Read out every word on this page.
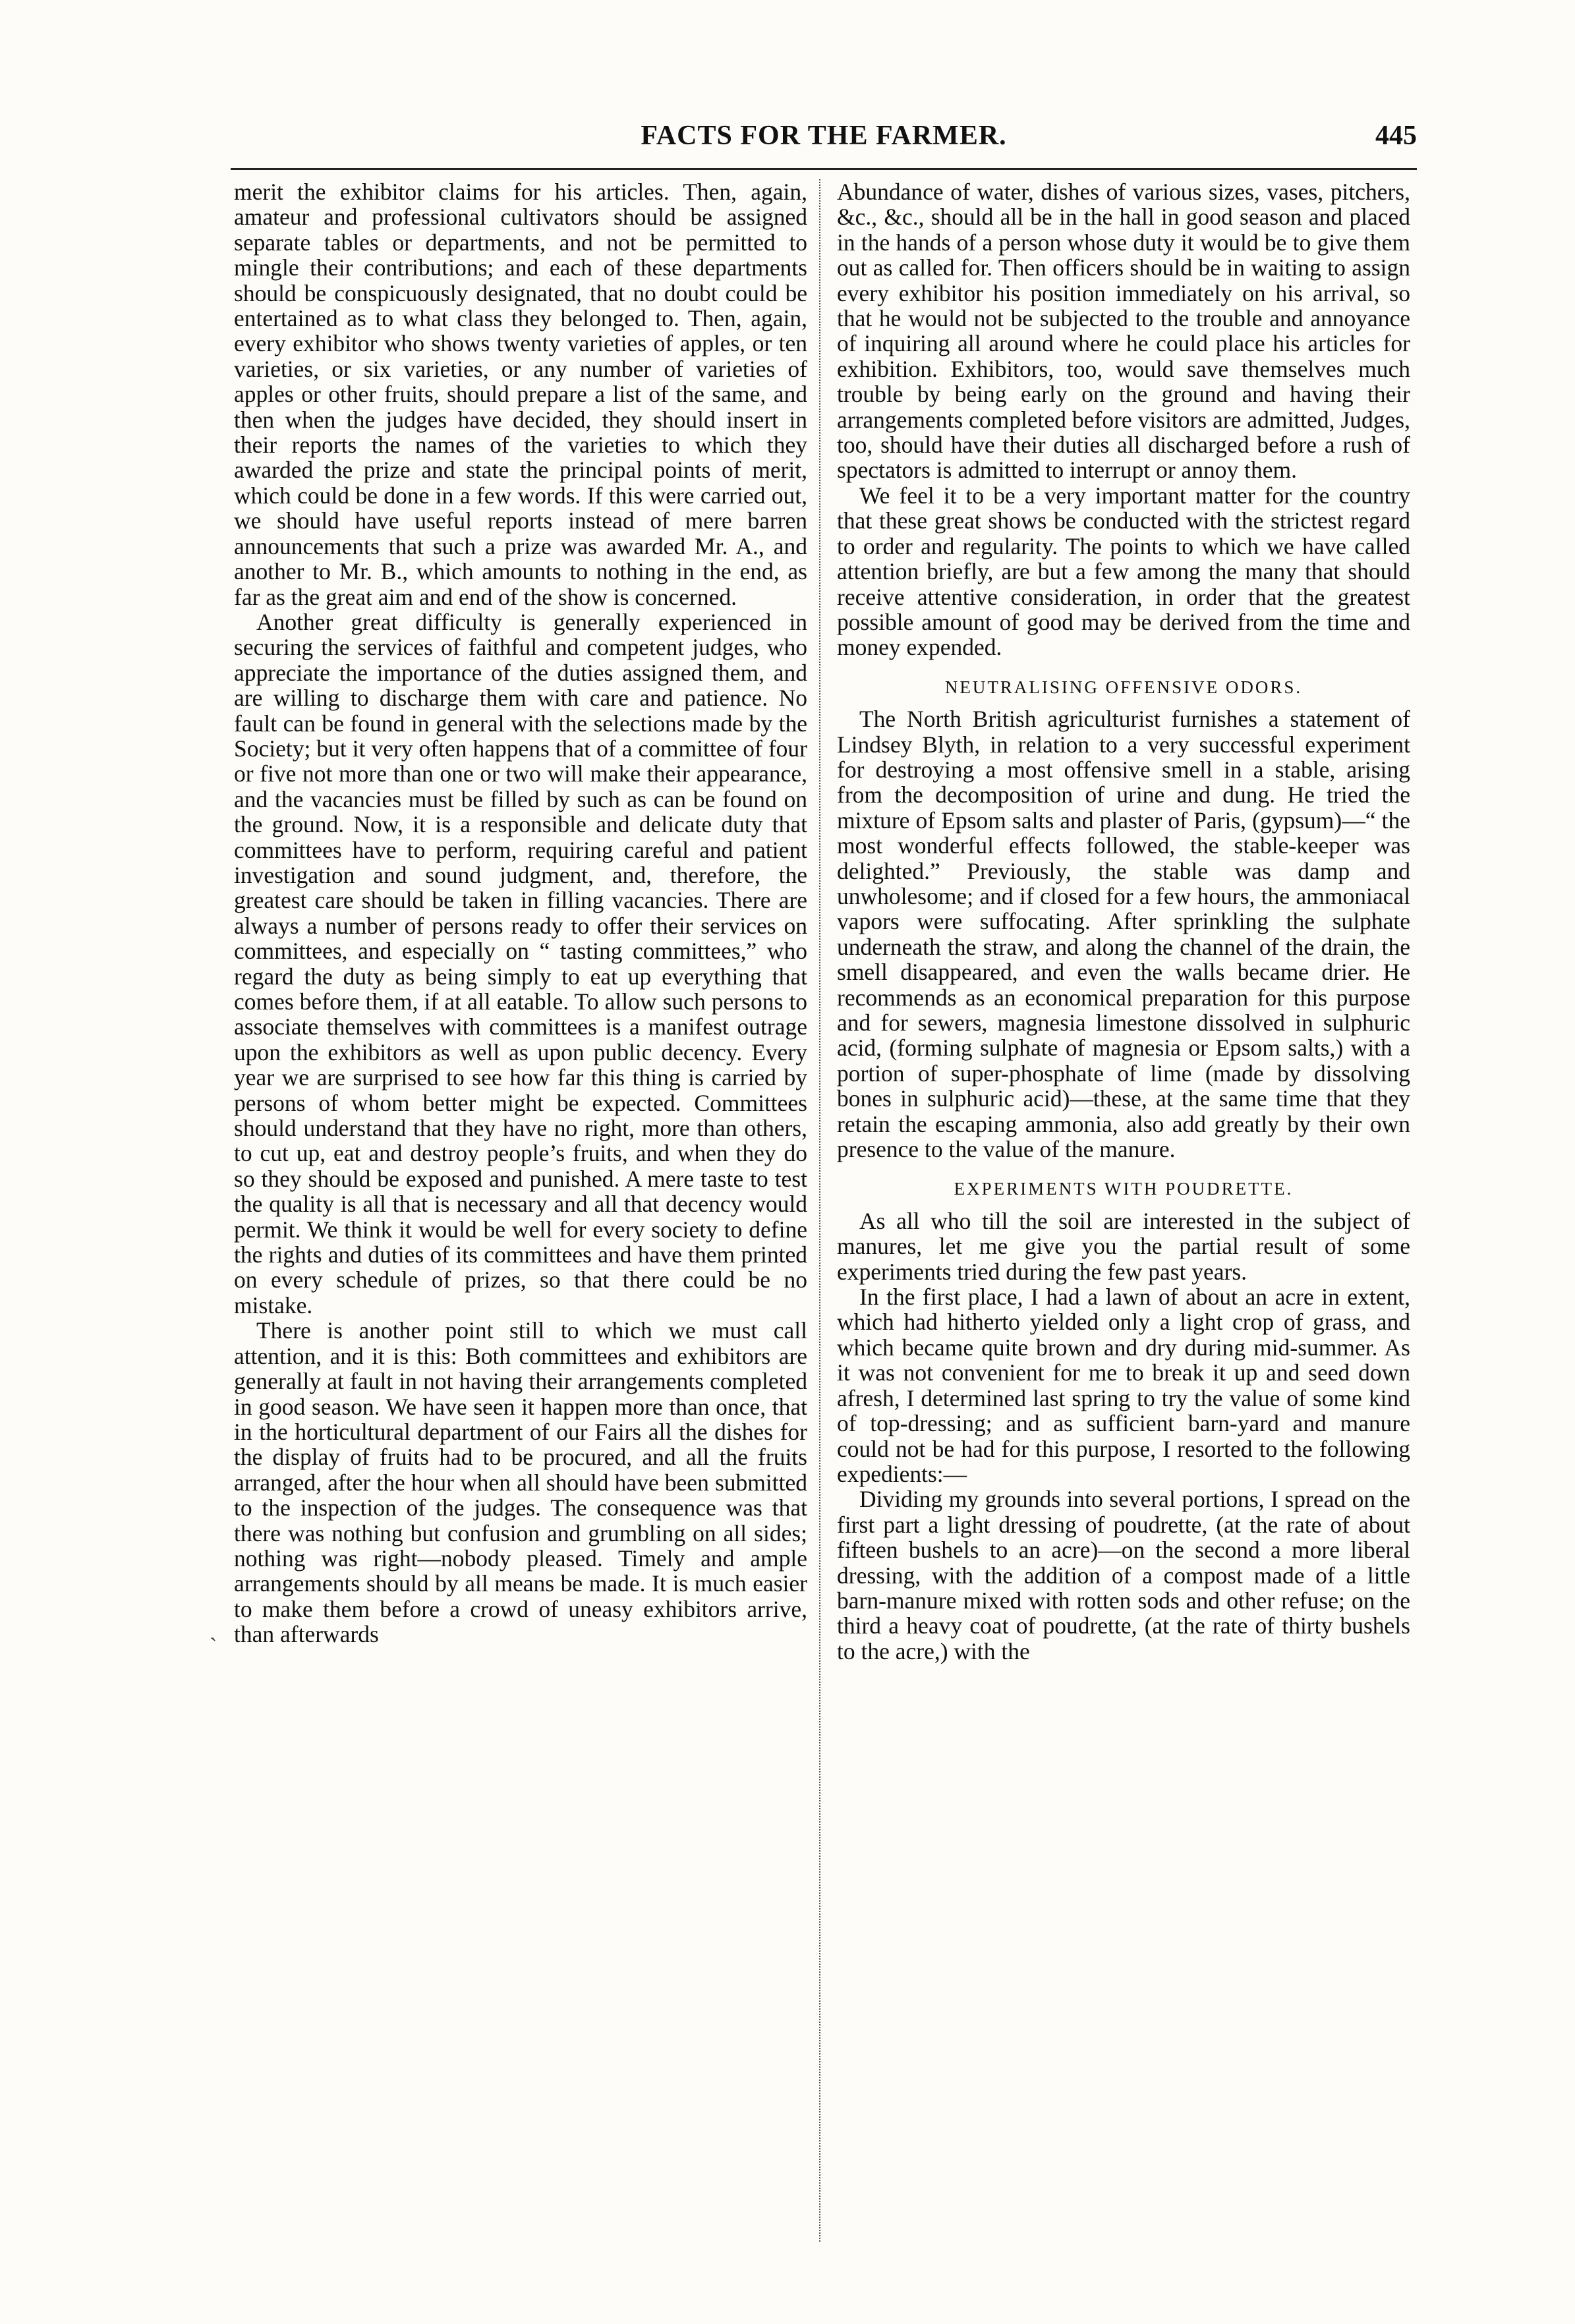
FACTS FOR THE FARMER.	445

merit the exhibitor claims for his articles. Then, again, amateur and professional cultivators should be assigned separate tables or departments, and not be permitted to mingle their contributions; and each of these departments should be conspicuously designated, that no doubt could be entertained as to what class they belonged to. Then, again, every exhibitor who shows twenty varieties of apples, or ten varieties, or six varieties, or any number of varieties of apples or other fruits, should prepare a list of the same, and then when the judges have decided, they should insert in their reports the names of the varieties to which they awarded the prize and state the principal points of merit, which could be done in a few words. If this were carried out, we should have useful reports instead of mere barren announcements that such a prize was awarded Mr. A., and another to Mr. B., which amounts to nothing in the end, as far as the great aim and end of the show is concerned.

Another great difficulty is generally experienced in securing the services of faithful and competent judges, who appreciate the importance of the duties assigned them, and are willing to discharge them with care and patience. No fault can be found in general with the selections made by the Society; but it very often happens that of a committee of four or five not more than one or two will make their appearance, and the vacancies must be filled by such as can be found on the ground. Now, it is a responsible and delicate duty that committees have to perform, requiring careful and patient investigation and sound judgment, and, therefore, the greatest care should be taken in filling vacancies. There are always a number of persons ready to offer their services on committees, and especially on “ tasting committees,” who regard the duty as being simply to eat up everything that comes before them, if at all eatable. To allow such persons to associate themselves with committees is a manifest outrage upon the exhibitors as well as upon public decency. Every year we are surprised to see how far this thing is carried by persons of whom better might be expected. Committees should understand that they have no right, more than others, to cut up, eat and destroy people’s fruits, and when they do so they should be exposed and punished. A mere taste to test the quality is all that is necessary and all that decency would permit. We think it would be well for every society to define the rights and duties of its committees and have them printed on every schedule of prizes, so that there could be no mistake.

There is another point still to which we must call attention, and it is this: Both committees and exhibitors are generally at fault in not having their arrangements completed in good season. We have seen it happen more than once, that in the horticultural department of our Fairs all the dishes for the display of fruits had to be procured, and all the fruits arranged, after the hour when all should have been submitted to the inspection of the judges. The consequence was that there was nothing but confusion and grumbling on all sides; nothing was right—nobody pleased. Timely and ample arrangements should by all means be made. It is much easier to make them before a crowd of uneasy exhibitors arrive, than afterwards

`

Abundance of water, dishes of various sizes, vases, pitchers, &c., &c., should all be in the hall in good season and placed in the hands of a person whose duty it would be to give them out as called for. Then officers should be in waiting to assign every exhibitor his position immediately on his arrival, so that he would not be subjected to the trouble and annoyance of inquiring all around where he could place his articles for exhibition. Exhibitors, too, would save themselves much trouble by being early on the ground and having their arrangements completed before visitors are admitted, Judges, too, should have their duties all discharged before a rush of spectators is admitted to interrupt or annoy them.

We feel it to be a very important matter for the country that these great shows be conducted with the strictest regard to order and regularity. The points to which we have called attention briefly, are but a few among the many that should receive attentive consideration, in order that the greatest possible amount of good may be derived from the time and money expended.

NEUTRALISING OFFENSIVE ODORS.

The North British agriculturist furnishes a statement of Lindsey Blyth, in relation to a very successful experiment for destroying a most offensive smell in a stable, arising from the decomposition of urine and dung. He tried the mixture of Epsom salts and plaster of Paris, (gypsum)—“ the most wonderful effects followed, the stable-keeper was delighted.” Previously, the stable was damp and unwholesome; and if closed for a few hours, the ammoniacal vapors were suffocating. After sprinkling the sulphate underneath the straw, and along the channel of the drain, the smell disappeared, and even the walls became drier. He recommends as an economical preparation for this purpose and for sewers, magnesia limestone dissolved in sulphuric acid, (forming sulphate of magnesia or Epsom salts,) with a portion of super-phosphate of lime (made by dissolving bones in sulphuric acid)—these, at the same time that they retain the escaping ammonia, also add greatly by their own presence to the value of the manure.

EXPERIMENTS WITH POUDRETTE.

As all who till the soil are interested in the subject of manures, let me give you the partial result of some experiments tried during the few past years.

In the first place, I had a lawn of about an acre in extent, which had hitherto yielded only a light crop of grass, and which became quite brown and dry during mid-summer. As it was not convenient for me to break it up and seed down afresh, I determined last spring to try the value of some kind of top-dressing; and as sufficient barn-yard and manure could not be had for this purpose, I resorted to the following expedients:—

Dividing my grounds into several portions, I spread on the first part a light dressing of poudrette, (at the rate of about fifteen bushels to an acre)—on the second a more liberal dressing, with the addition of a compost made of a little barn-manure mixed with rotten sods and other refuse; on the third a heavy coat of poudrette, (at the rate of thirty bushels to the acre,) with the
